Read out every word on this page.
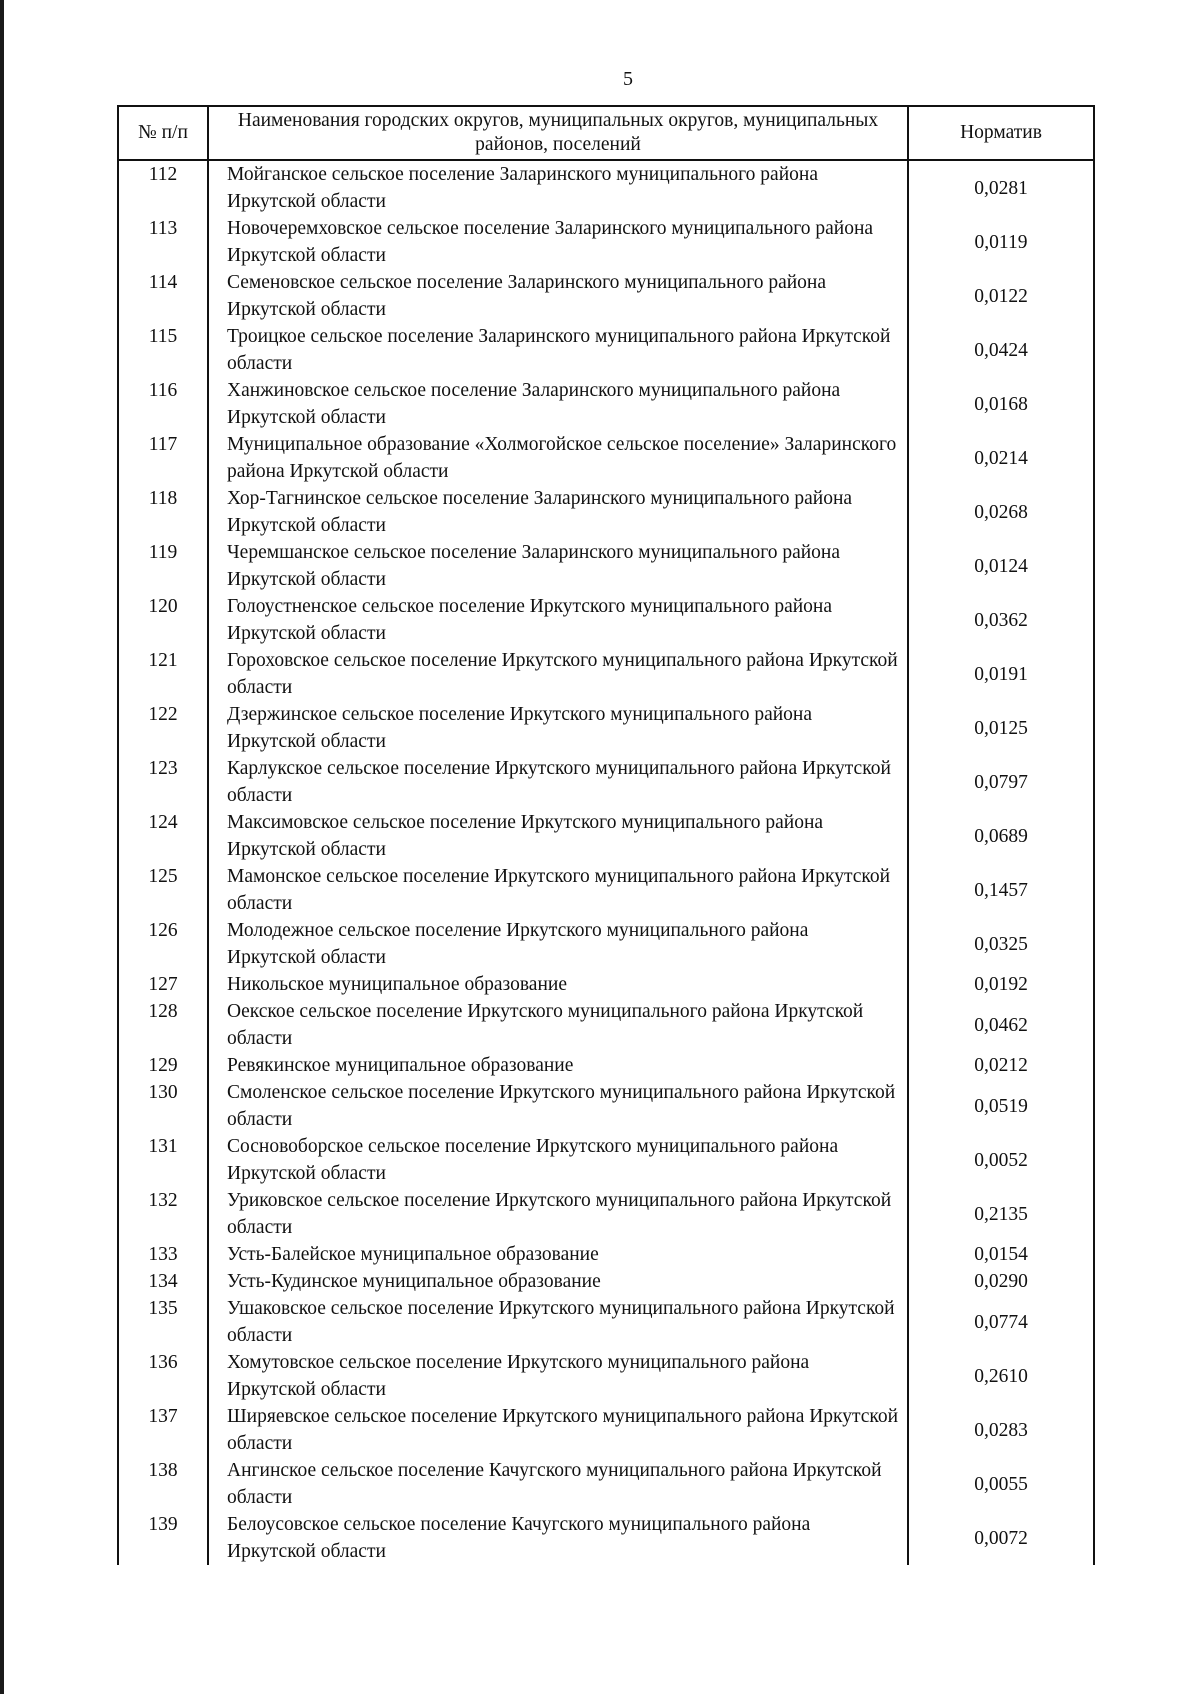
5
№ п/п	Наименования городских округов, муниципальных округов, муниципальных районов, поселений	Норматив
112	Мойганское сельское поселение Заларинского муниципального района Иркутской области	0,0281
113	Новочеремховское сельское поселение Заларинского муниципального района Иркутской области	0,0119
114	Семеновское сельское поселение Заларинского муниципального района Иркутской области	0,0122
115	Троицкое сельское поселение Заларинского муниципального района Иркутской области	0,0424
116	Ханжиновское сельское поселение Заларинского муниципального района Иркутской области	0,0168
117	Муниципальное образование «Холмогойское сельское поселение» Заларинского района Иркутской области	0,0214
118	Хор-Тагнинское сельское поселение Заларинского муниципального района Иркутской области	0,0268
119	Черемшанское сельское поселение Заларинского муниципального района Иркутской области	0,0124
120	Голоустненское сельское поселение Иркутского муниципального района Иркутской области	0,0362
121	Гороховское сельское поселение Иркутского муниципального района Иркутской области	0,0191
122	Дзержинское сельское поселение Иркутского муниципального района Иркутской области	0,0125
123	Карлукское сельское поселение Иркутского муниципального района Иркутской области	0,0797
124	Максимовское сельское поселение Иркутского муниципального района Иркутской области	0,0689
125	Мамонское сельское поселение Иркутского муниципального района Иркутской области	0,1457
126	Молодежное сельское поселение Иркутского муниципального района Иркутской области	0,0325
127	Никольское муниципальное образование	0,0192
128	Оекское сельское поселение Иркутского муниципального района Иркутской области	0,0462
129	Ревякинское муниципальное образование	0,0212
130	Смоленское сельское поселение Иркутского муниципального района Иркутской области	0,0519
131	Сосновоборское сельское поселение Иркутского муниципального района Иркутской области	0,0052
132	Уриковское сельское поселение Иркутского муниципального района Иркутской области	0,2135
133	Усть-Балейское муниципальное образование	0,0154
134	Усть-Кудинское муниципальное образование	0,0290
135	Ушаковское сельское поселение Иркутского муниципального района Иркутской области	0,0774
136	Хомутовское сельское поселение Иркутского муниципального района Иркутской области	0,2610
137	Ширяевское сельское поселение Иркутского муниципального района Иркутской области	0,0283
138	Ангинское сельское поселение Качугского муниципального района Иркутской области	0,0055
139	Белоусовское сельское поселение Качугского муниципального района Иркутской области	0,0072
